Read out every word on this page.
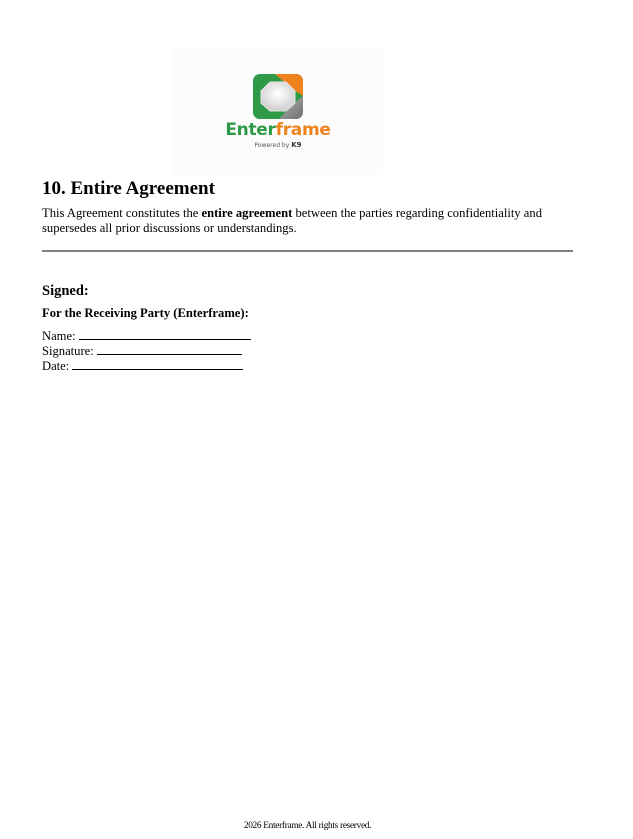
Enterframe
Powered by K9
10. Entire Agreement

This Agreement constitutes the entire agreement between the parties regarding confidentiality and supersedes all prior discussions or understandings.

Signed:
For the Receiving Party (Enterframe):
Name:
Signature:
Date:
2026 Enterframe. All rights reserved.
